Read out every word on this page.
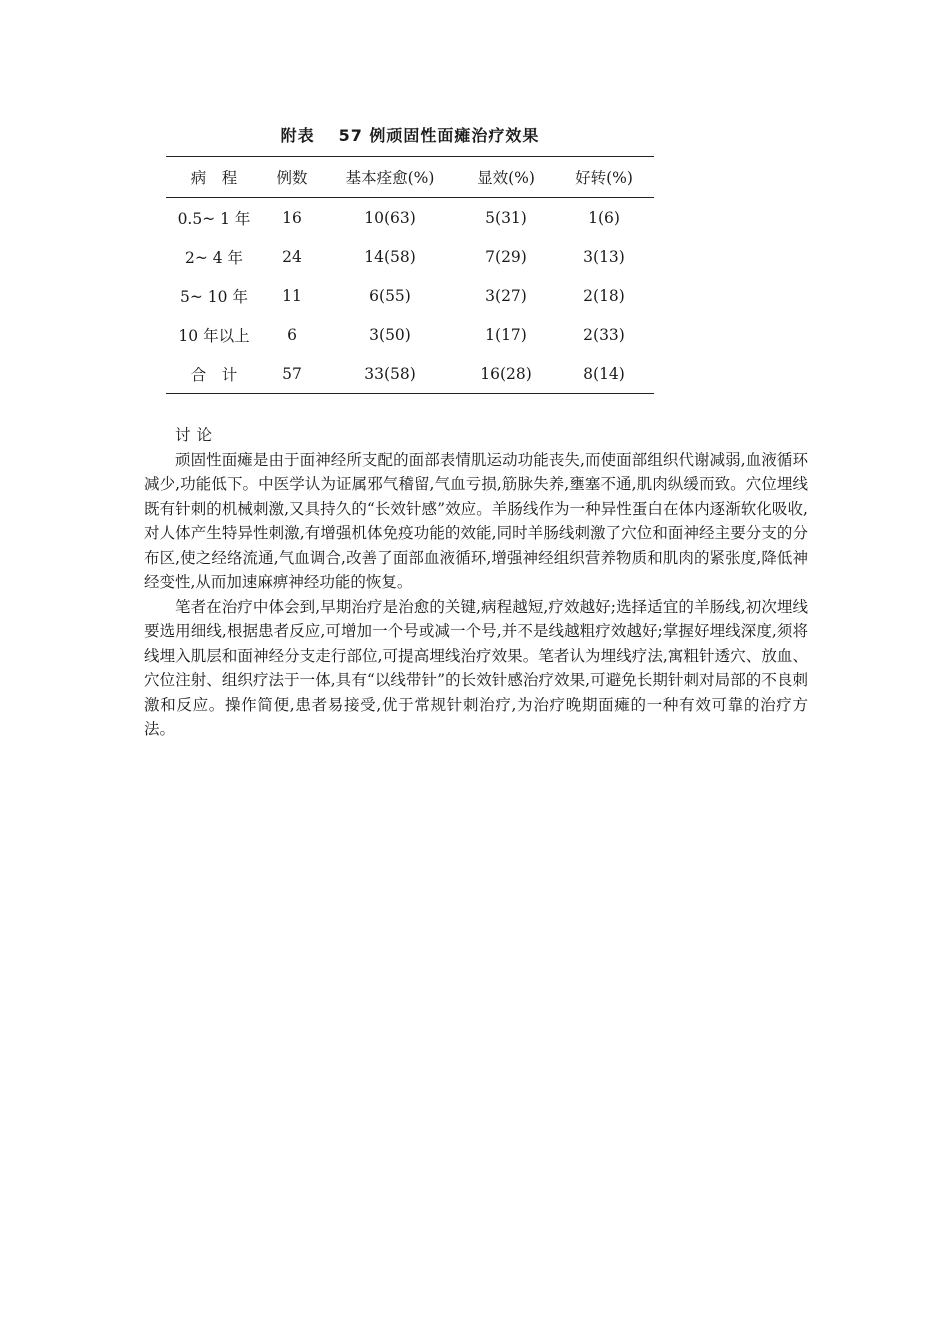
附表 57 例顽固性面瘫治疗效果
病　程	例数	基本痊愈(%)	显效(%)	好转(%)
0.5~ 1 年	16	10(63)	5(31)	1(6)
2~ 4 年	24	14(58)	7(29)	3(13)
5~ 10 年	11	6(55)	3(27)	2(18)
10 年以上	6	3(50)	1(17)	2(33)
合　计	57	33(58)	16(28)	8(14)

讨论

顽固性面瘫是由于面神经所支配的面部表情肌运动功能丧失,而使面部组织代谢减弱,血液循环减少,功能低下。中医学认为证属邪气稽留,气血亏损,筋脉失养,壅塞不通,肌肉纵缓而致。穴位埋线既有针刺的机械刺激,又具持久的“长效针感”效应。羊肠线作为一种异性蛋白在体内逐渐软化吸收,对人体产生特异性刺激,有增强机体免疫功能的效能,同时羊肠线刺激了穴位和面神经主要分支的分布区,使之经络流通,气血调合,改善了面部血液循环,增强神经组织营养物质和肌肉的紧张度,降低神经变性,从而加速麻痹神经功能的恢复。

笔者在治疗中体会到,早期治疗是治愈的关键,病程越短,疗效越好;选择适宜的羊肠线,初次埋线要选用细线,根据患者反应,可增加一个号或减一个号,并不是线越粗疗效越好;掌握好埋线深度,须将线埋入肌层和面神经分支走行部位,可提高埋线治疗效果。笔者认为埋线疗法,寓粗针透穴、放血、穴位注射、组织疗法于一体,具有“以线带针”的长效针感治疗效果,可避免长期针刺对局部的不良刺激和反应。操作简便,患者易接受,优于常规针刺治疗,为治疗晚期面瘫的一种有效可靠的治疗方法。
